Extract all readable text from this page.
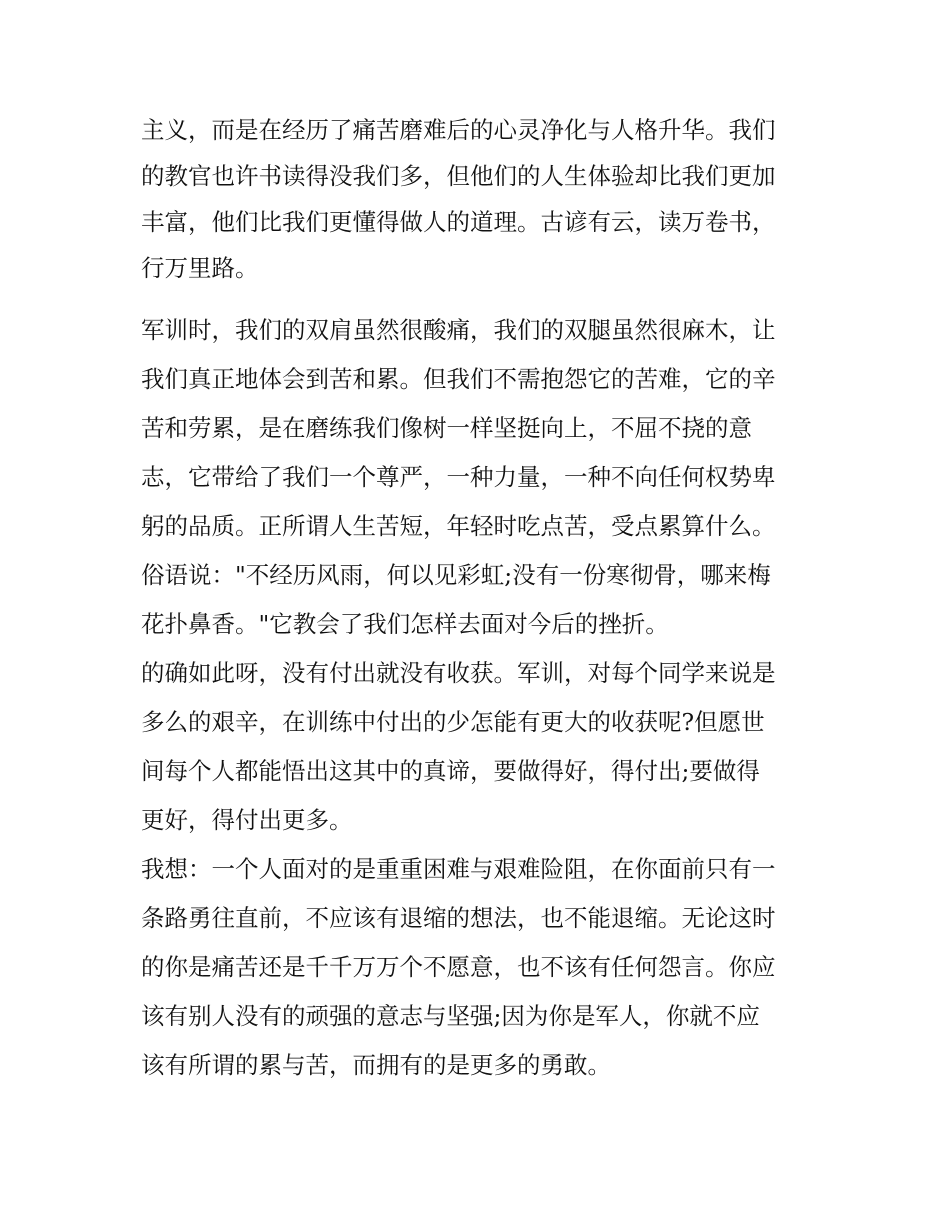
主义，而是在经历了痛苦磨难后的心灵净化与人格升华。我们
的教官也许书读得没我们多，但他们的人生体验却比我们更加
丰富，他们比我们更懂得做人的道理。古谚有云，读万卷书，
行万里路。
军训时，我们的双肩虽然很酸痛，我们的双腿虽然很麻木，让
我们真正地体会到苦和累。但我们不需抱怨它的苦难，它的辛
苦和劳累，是在磨练我们像树一样坚挺向上，不屈不挠的意
志，它带给了我们一个尊严，一种力量，一种不向任何权势卑
躬的品质。正所谓人生苦短，年轻时吃点苦，受点累算什么。
俗语说："不经历风雨，何以见彩虹;没有一份寒彻骨，哪来梅
花扑鼻香。"它教会了我们怎样去面对今后的挫折。
的确如此呀，没有付出就没有收获。军训，对每个同学来说是
多么的艰辛，在训练中付出的少怎能有更大的收获呢?但愿世
间每个人都能悟出这其中的真谛，要做得好，得付出;要做得
更好，得付出更多。
我想：一个人面对的是重重困难与艰难险阻，在你面前只有一
条路勇往直前，不应该有退缩的想法，也不能退缩。无论这时
的你是痛苦还是千千万万个不愿意，也不该有任何怨言。你应
该有别人没有的顽强的意志与坚强;因为你是军人，你就不应
该有所谓的累与苦，而拥有的是更多的勇敢。
